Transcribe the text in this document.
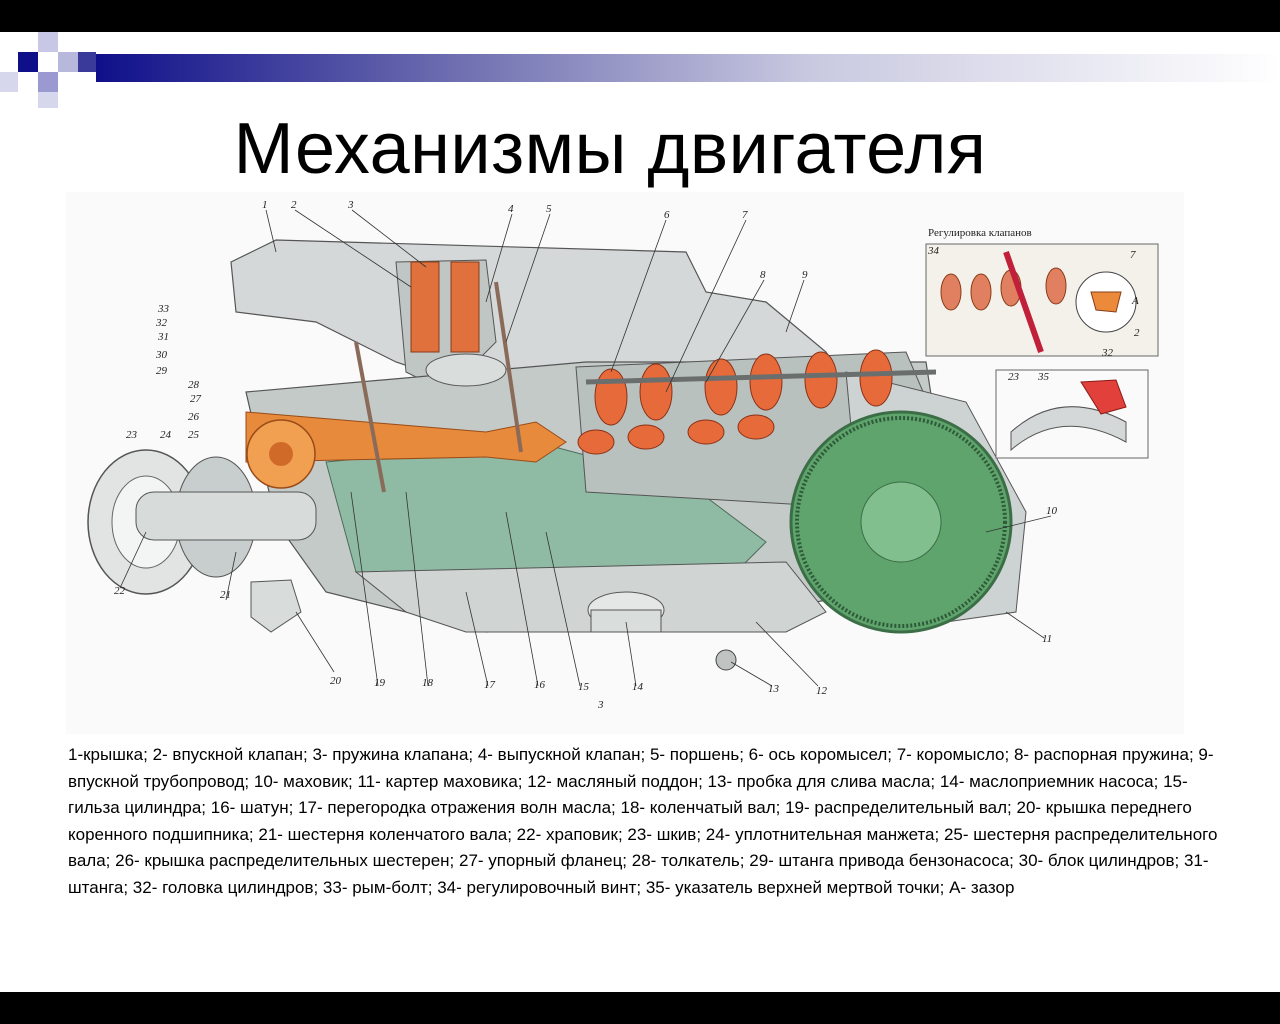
Механизмы двигателя
Регулировка клапанов
1 2	3	4	5	6	7
8	9
10
11
12
13
14
15
16
17
18
19
20
21
22
23 24 25
26
27
28
29
30
31
32
33
34	7
A
2
32
23 35
3

1-крышка; 2- впускной клапан; 3- пружина клапана; 4- выпускной клапан; 5- поршень; 6- ось коромысел; 7- коромысло; 8- распорная пружина; 9- впускной трубопровод; 10- маховик; 11- картер маховика; 12- масляный поддон; 13- пробка для слива масла; 14- маслоприемник насоса; 15- гильза цилиндра; 16- шатун; 17- перегородка отражения волн масла; 18- коленчатый вал; 19- распределительный вал; 20- крышка переднего коренного подшипника; 21- шестерня коленчатого вала; 22- храповик; 23- шкив; 24- уплотнительная манжета; 25- шестерня распределительного вала; 26- крышка распределительных шестерен; 27- упорный фланец; 28- толкатель; 29- штанга привода бензонасоса; 30- блок цилиндров; 31- штанга; 32- головка цилиндров; 33- рым-болт; 34- регулировочный винт; 35- указатель верхней мертвой точки; А- зазор
